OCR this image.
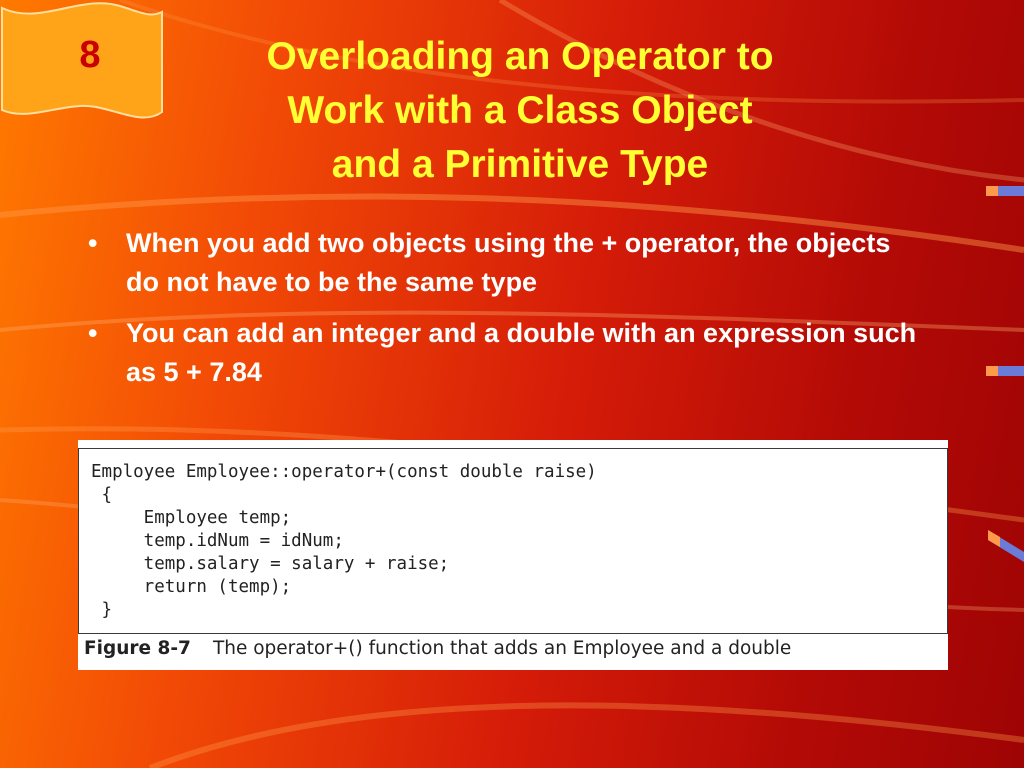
8	Overloading an Operator to
Work with a Class Object
and a Primitive Type
• When you add two objects using the + operator, the objects do not have to be the same type
• You can add an integer and a double with an expression such as 5 + 7.84
Employee Employee::operator+(const double raise)
{
Employee temp;
temp.idNum = idNum;
temp.salary = salary + raise;
return (temp);
}
Figure 8-7 The operator+() function that adds an Employee and a double
